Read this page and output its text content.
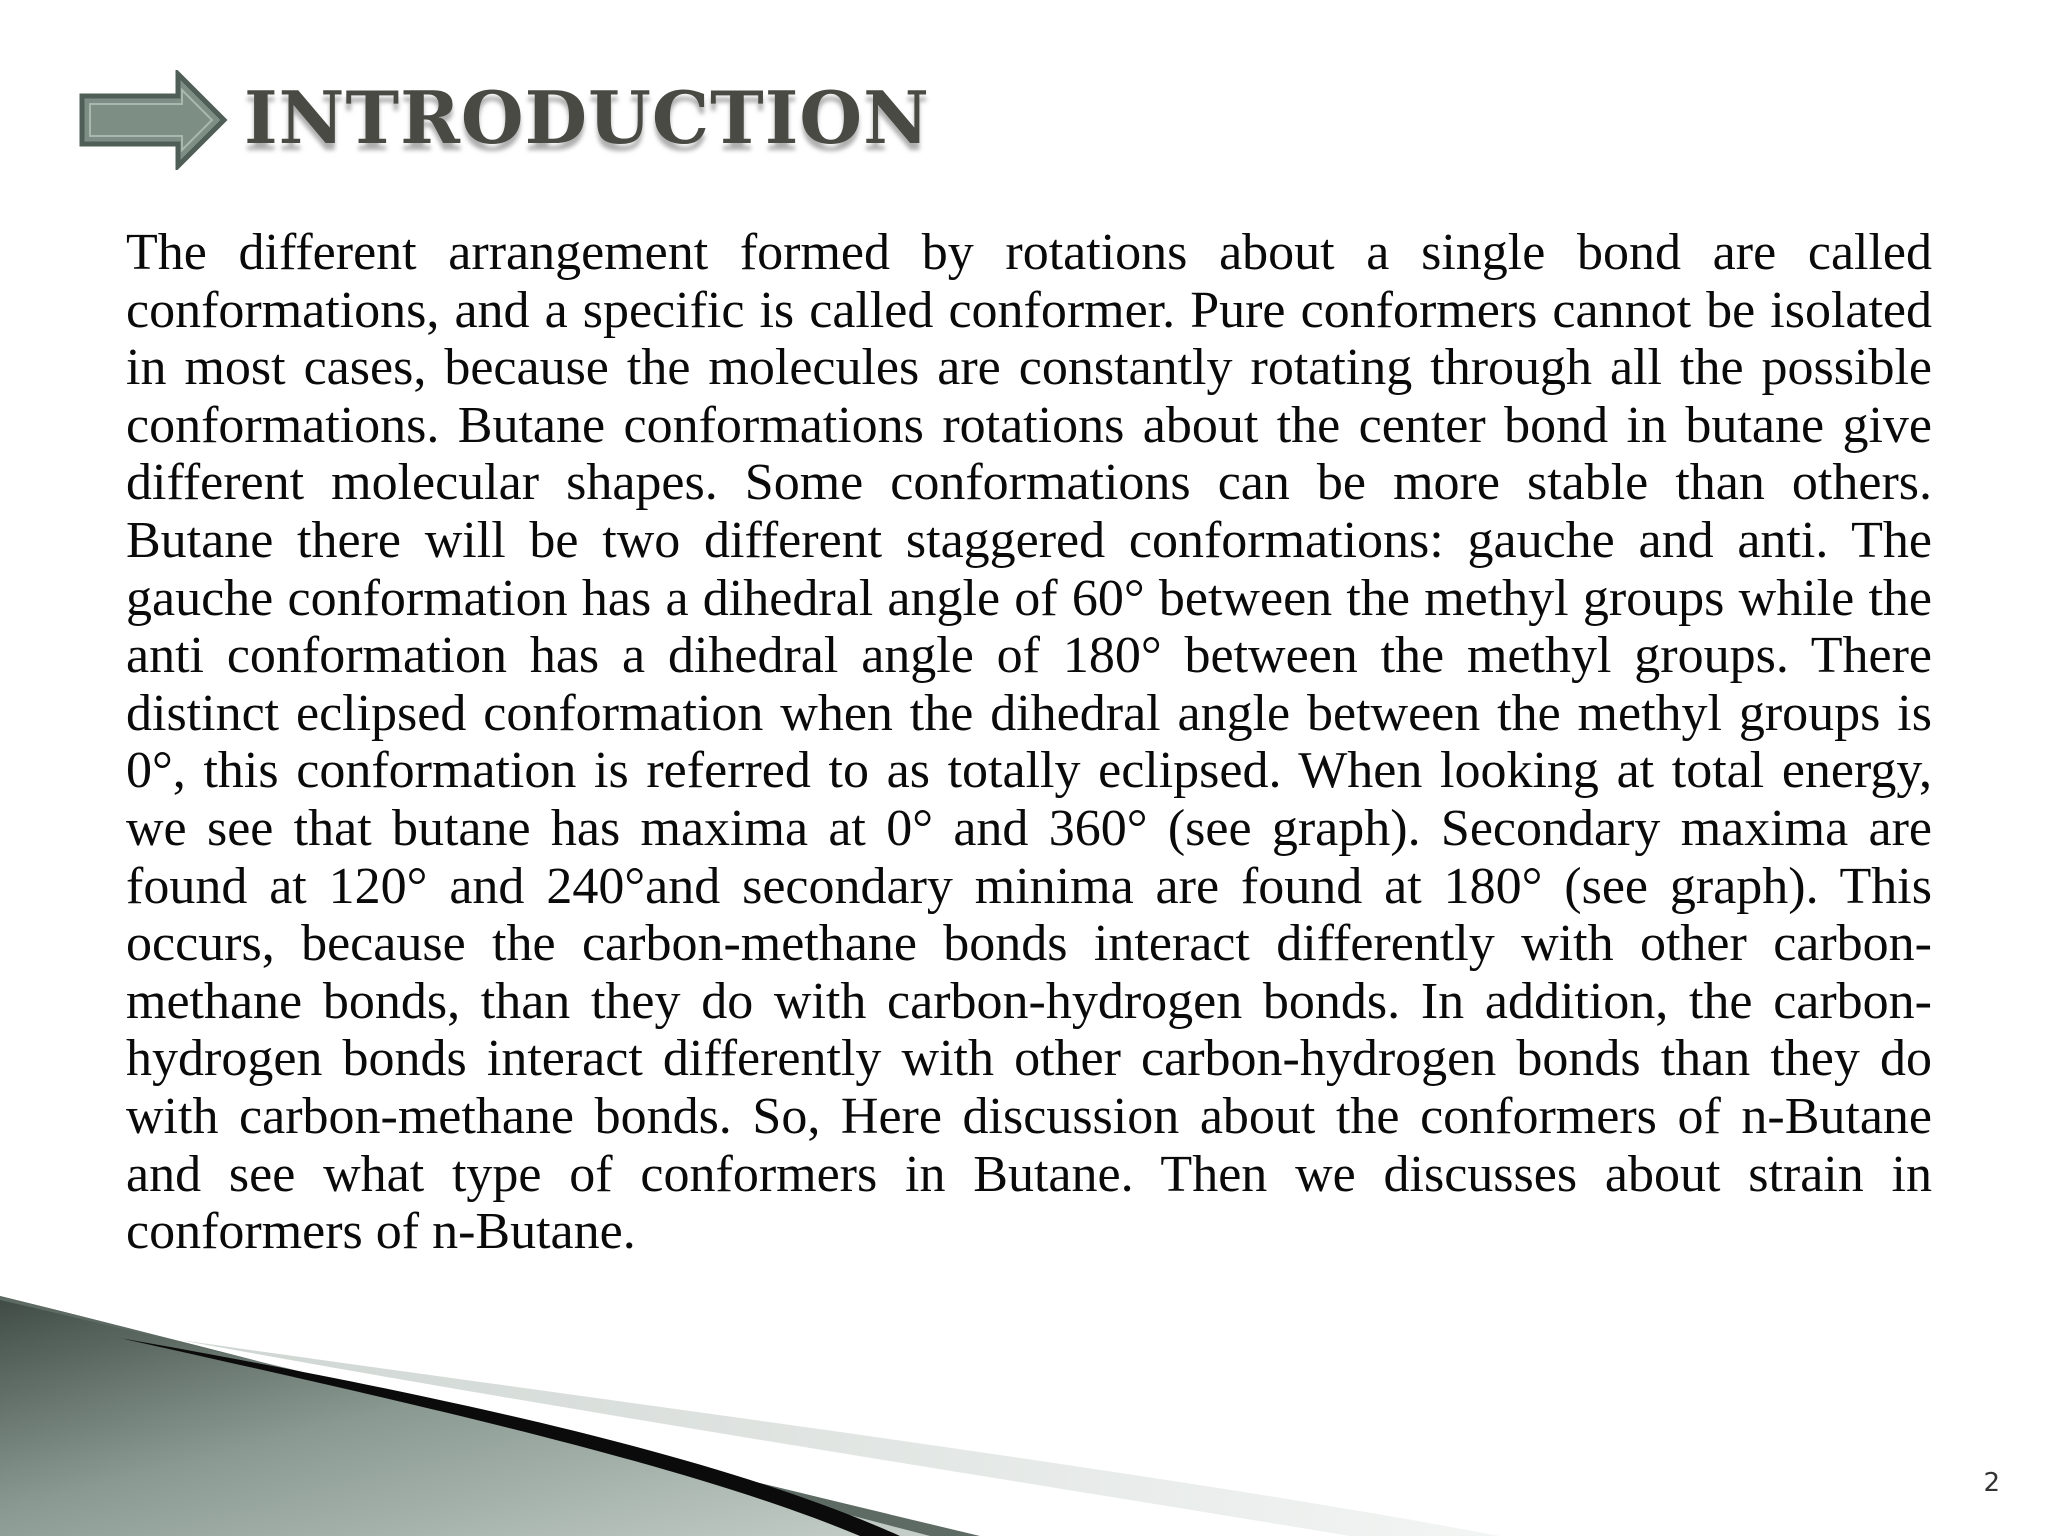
INTRODUCTION

The different arrangement formed by rotations about a single bond are called conformations, and a specific is called conformer. Pure conformers cannot be isolated in most cases, because the molecules are constantly rotating through all the possible conformations. Butane conformations rotations about the center bond in butane give different molecular shapes. Some conformations can be more stable than others. Butane there will be two different staggered conformations: gauche and anti. The gauche conformation has a dihedral angle of 60° between the methyl groups while the anti conformation has a dihedral angle of 180° between the methyl groups. There distinct eclipsed conformation when the dihedral angle between the methyl groups is 0°, this conformation is referred to as totally eclipsed. When looking at total energy, we see that butane has maxima at 0° and 360° (see graph). Secondary maxima are found at 120° and 240°and secondary minima are found at 180° (see graph). This occurs, because the carbon-methane bonds interact differently with other carbon-methane bonds, than they do with carbon-hydrogen bonds. In addition, the carbon-hydrogen bonds interact differently with other carbon-hydrogen bonds than they do with carbon-methane bonds. So, Here discussion about the conformers of n-Butane and see what type of conformers in Butane. Then we discusses about strain in conformers of n-Butane.

2
